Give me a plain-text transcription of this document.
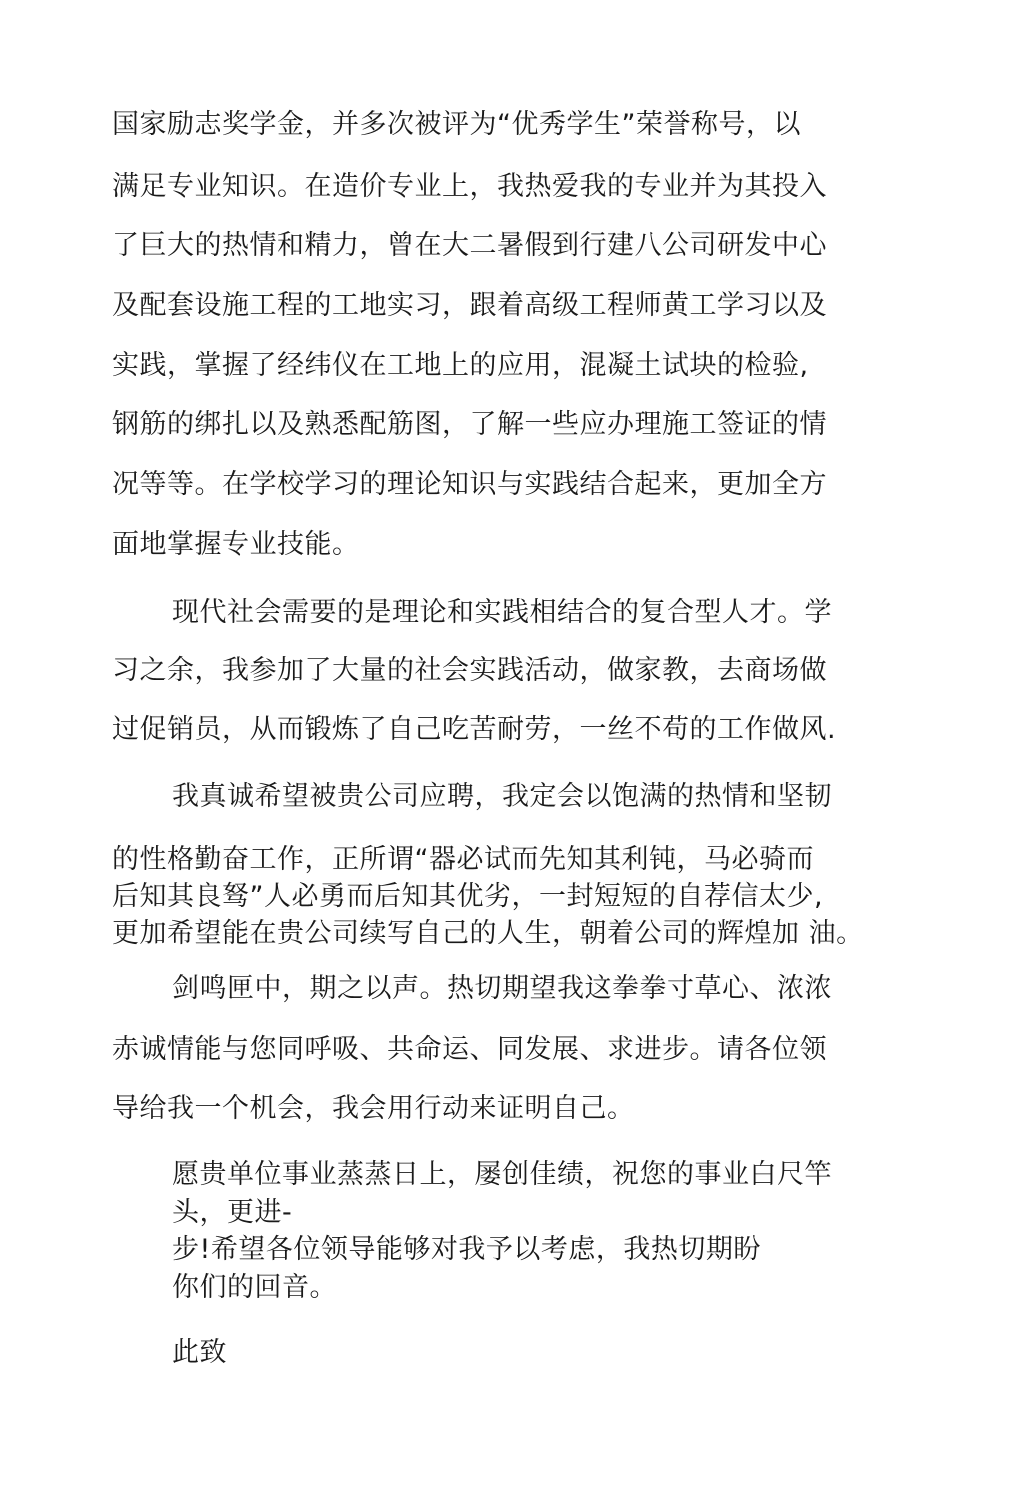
国家励志奖学金，并多次被评为“优秀学生”荣誉称号，以
满足专业知识。在造价专业上，我热爱我的专业并为其投入
了巨大的热情和精力，曾在大二暑假到行建八公司研发中心
及配套设施工程的工地实习，跟着高级工程师黄工学习以及
实践，掌握了经纬仪在工地上的应用，混凝土试块的检验,
钢筋的绑扎以及熟悉配筋图，了解一些应办理施工签证的情
况等等。在学校学习的理论知识与实践结合起来，更加全方
面地掌握专业技能。
现代社会需要的是理论和实践相结合的复合型人才。学
习之余，我参加了大量的社会实践活动，做家教，去商场做
过促销员，从而锻炼了自己吃苦耐劳，一丝不苟的工作做风.
我真诚希望被贵公司应聘，我定会以饱满的热情和坚韧
的性格勤奋工作，正所谓“器必试而先知其利钝，马必骑而
后知其良驽”人必勇而后知其优劣，一封短短的自荐信太少,
更加希望能在贵公司续写自己的人生，朝着公司的辉煌加 油。
剑鸣匣中，期之以声。热切期望我这拳拳寸草心、浓浓
赤诚情能与您同呼吸、共命运、同发展、求进步。请各位领
导给我一个机会，我会用行动来证明自己。
愿贵单位事业蒸蒸日上，屡创佳绩，祝您的事业白尺竿
头，更进-
步!希望各位领导能够对我予以考虑，我热切期盼
你们的回音。
此致
